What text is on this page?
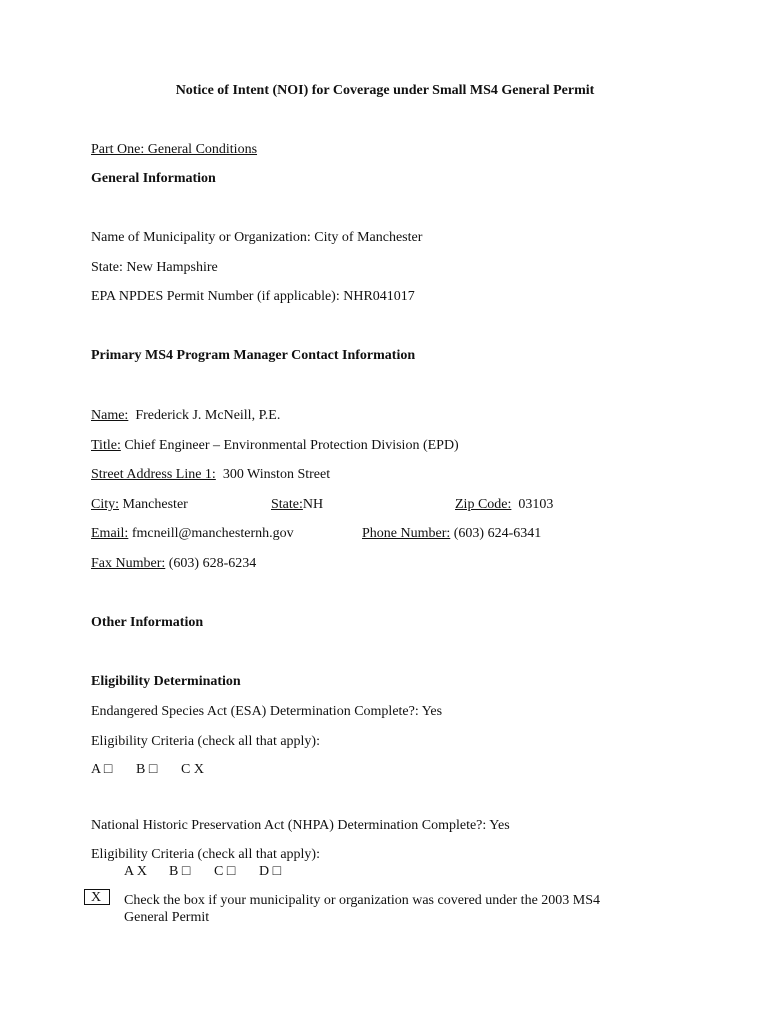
Notice of Intent (NOI) for Coverage under Small MS4 General Permit
Part One: General Conditions
General Information
Name of Municipality or Organization: City of Manchester
State: New Hampshire
EPA NPDES Permit Number (if applicable): NHR041017
Primary MS4 Program Manager Contact Information
Name: Frederick J. McNeill, P.E.
Title: Chief Engineer – Environmental Protection Division (EPD)
Street Address Line 1: 300 Winston Street
City: Manchester	State:NH	Zip Code: 03103
Email: fmcneill@manchesternh.gov	Phone Number: (603) 624-6341
Fax Number: (603) 628-6234
Other Information
Eligibility Determination
Endangered Species Act (ESA) Determination Complete?: Yes
Eligibility Criteria (check all that apply):
A □ B □ C X
National Historic Preservation Act (NHPA) Determination Complete?: Yes
Eligibility Criteria (check all that apply):
A X B □ C □ D □
X	Check the box if your municipality or organization was covered under the 2003 MS4
General Permit
